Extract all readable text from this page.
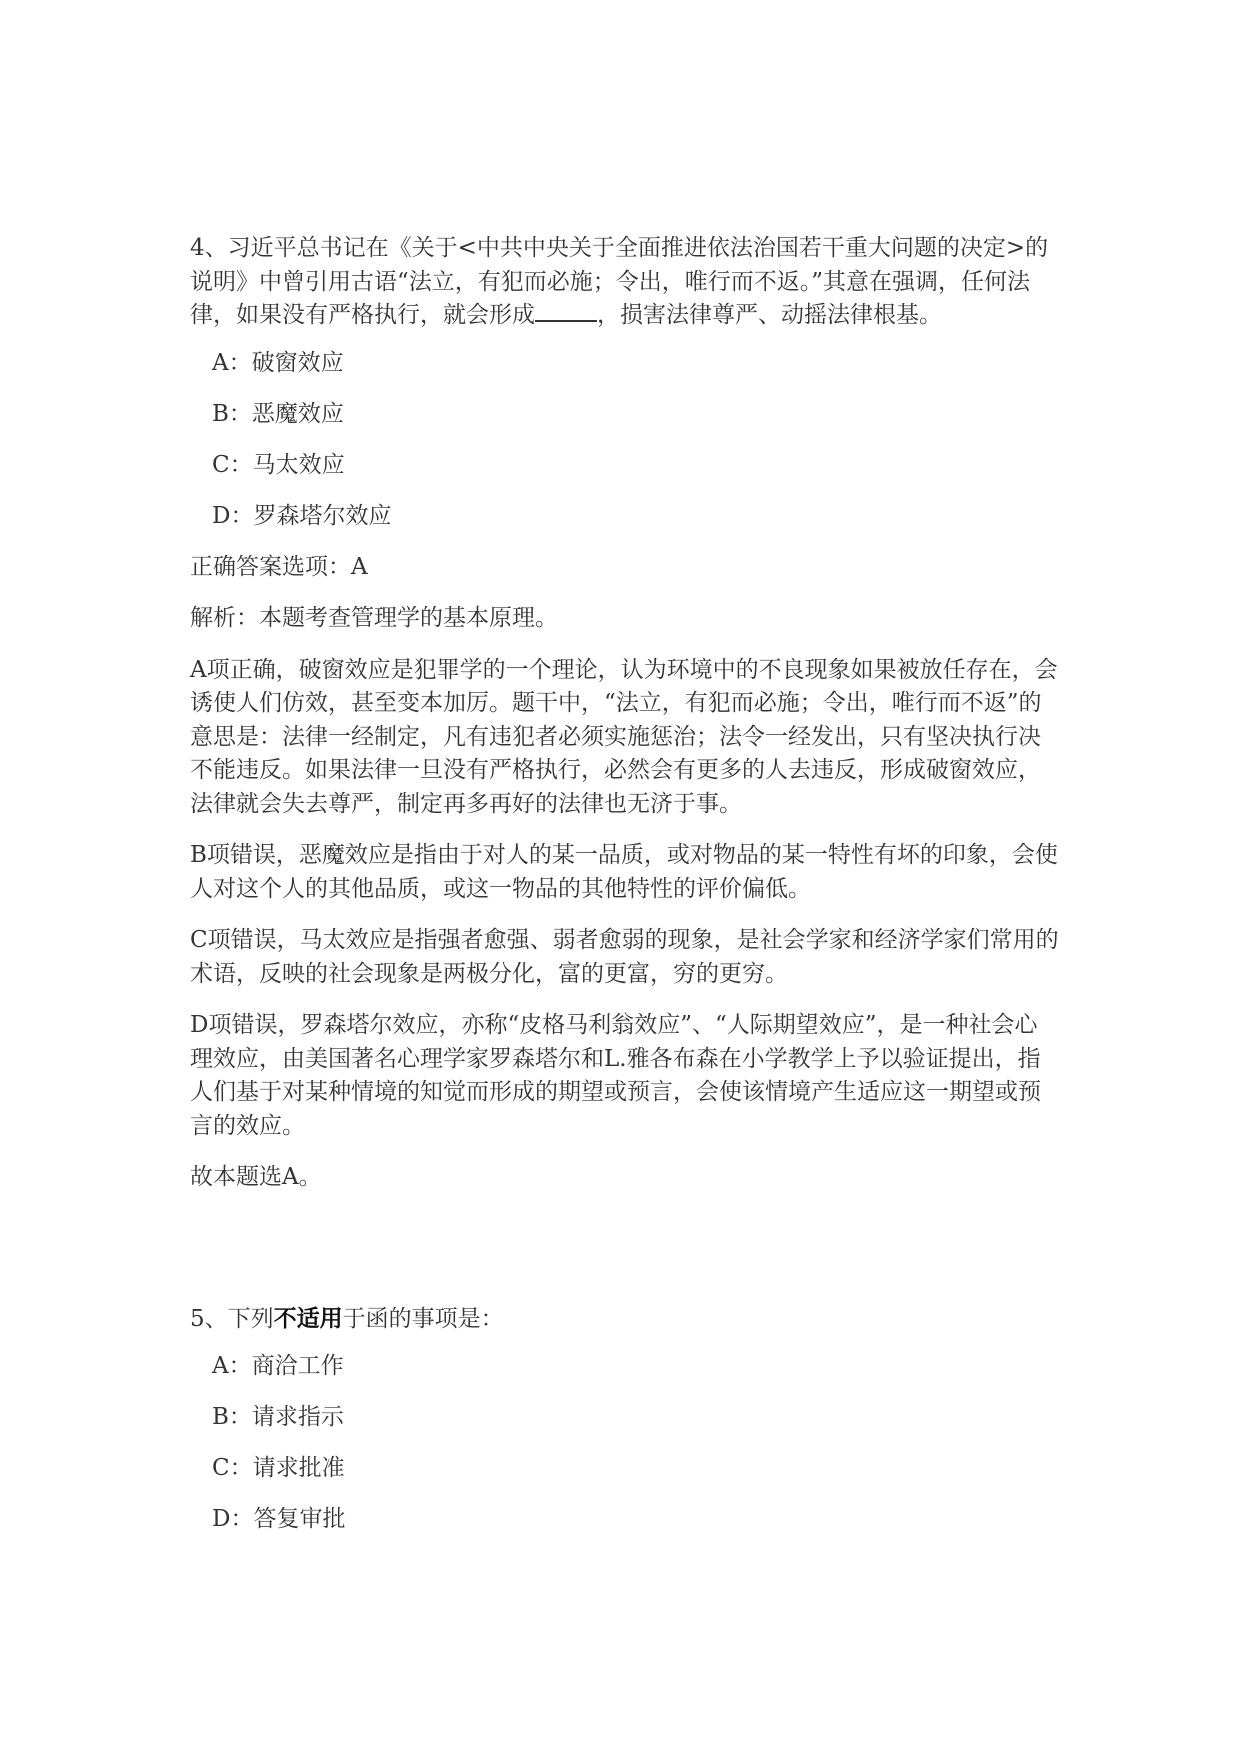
4、习近平总书记在《关于<中共中央关于全面推进依法治国若干重大问题的决定>的说明》中曾引用古语“法立，有犯而必施；令出，唯行而不返。”其意在强调，任何法律，如果没有严格执行，就会形成	，损害法律尊严、动摇法律根基。

A：破窗效应
B：恶魔效应
C：马太效应
D：罗森塔尔效应

正确答案选项：A

解析：本题考查管理学的基本原理。

A项正确，破窗效应是犯罪学的一个理论，认为环境中的不良现象如果被放任存在，会诱使人们仿效，甚至变本加厉。题干中，“法立，有犯而必施；令出，唯行而不返”的意思是：法律一经制定，凡有违犯者必须实施惩治；法令一经发出，只有坚决执行决不能违反。如果法律一旦没有严格执行，必然会有更多的人去违反，形成破窗效应，法律就会失去尊严，制定再多再好的法律也无济于事。

B项错误，恶魔效应是指由于对人的某一品质，或对物品的某一特性有坏的印象，会使人对这个人的其他品质，或这一物品的其他特性的评价偏低。

C项错误，马太效应是指强者愈强、弱者愈弱的现象，是社会学家和经济学家们常用的术语，反映的社会现象是两极分化，富的更富，穷的更穷。

D项错误，罗森塔尔效应，亦称“皮格马利翁效应”、“人际期望效应”，是一种社会心理效应，由美国著名心理学家罗森塔尔和L.雅各布森在小学教学上予以验证提出，指人们基于对某种情境的知觉而形成的期望或预言，会使该情境产生适应这一期望或预言的效应。

故本题选A。

5、下列不适用于函的事项是：

A：商洽工作
B：请求指示
C：请求批准
D：答复审批
